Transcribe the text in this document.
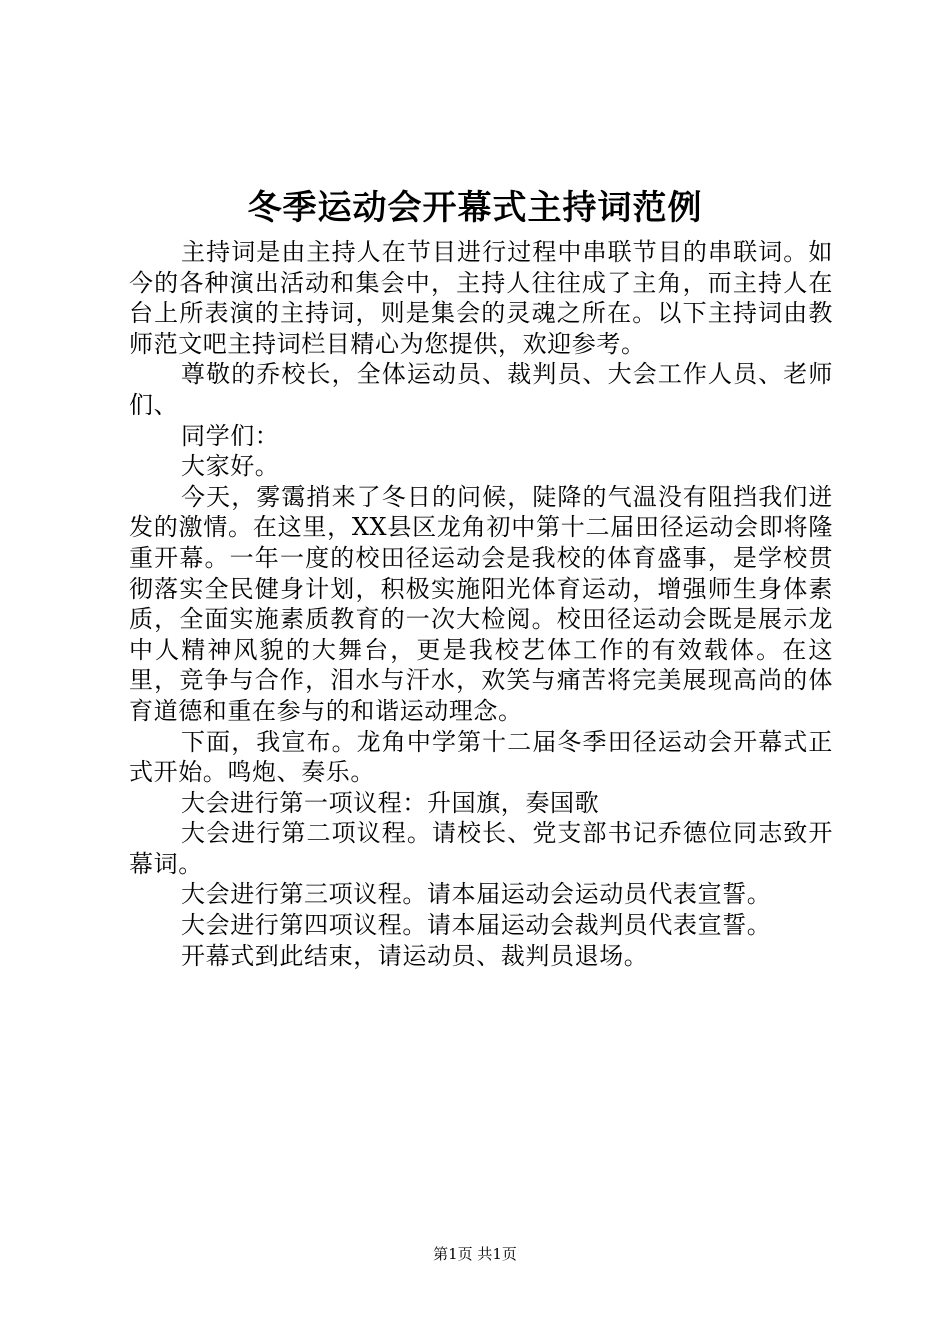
冬季运动会开幕式主持词范例

主持词是由主持人在节目进行过程中串联节目的串联词。如今的各种演出活动和集会中，主持人往往成了主角，而主持人在台上所表演的主持词，则是集会的灵魂之所在。以下主持词由教师范文吧主持词栏目精心为您提供，欢迎参考。

尊敬的乔校长，全体运动员、裁判员、大会工作人员、老师们、

同学们：

大家好。

今天，雾霭捎来了冬日的问候，陡降的气温没有阻挡我们迸发的激情。在这里，XX县区龙角初中第十二届田径运动会即将隆重开幕。一年一度的校田径运动会是我校的体育盛事，是学校贯彻落实全民健身计划，积极实施阳光体育运动，增强师生身体素质，全面实施素质教育的一次大检阅。校田径运动会既是展示龙中人精神风貌的大舞台，更是我校艺体工作的有效载体。在这里，竞争与合作，泪水与汗水，欢笑与痛苦将完美展现高尚的体育道德和重在参与的和谐运动理念。

下面，我宣布。龙角中学第十二届冬季田径运动会开幕式正式开始。鸣炮、奏乐。

大会进行第一项议程：升国旗，奏国歌

大会进行第二项议程。请校长、党支部书记乔德位同志致开幕词。

大会进行第三项议程。请本届运动会运动员代表宣誓。

大会进行第四项议程。请本届运动会裁判员代表宣誓。

开幕式到此结束，请运动员、裁判员退场。

第1页 共1页
